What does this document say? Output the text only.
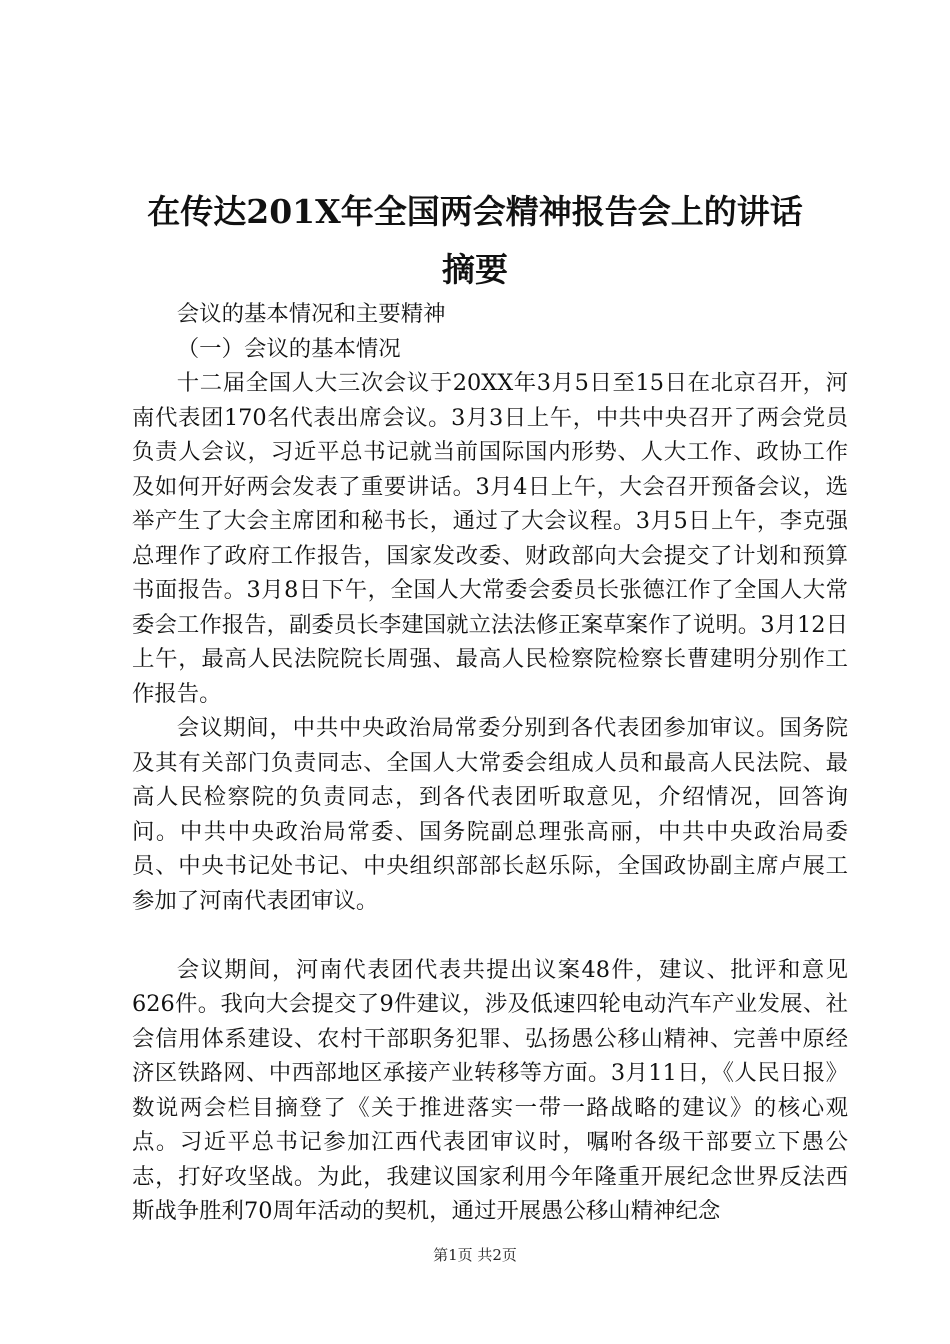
在传达201X年全国两会精神报告会上的讲话
摘要

会议的基本情况和主要精神

（一）会议的基本情况

十二届全国人大三次会议于20XX年3月5日至15日在北京召开，河南代表团170名代表出席会议。3月3日上午，中共中央召开了两会党员负责人会议，习近平总书记就当前国际国内形势、人大工作、政协工作及如何开好两会发表了重要讲话。3月4日上午，大会召开预备会议，选举产生了大会主席团和秘书长，通过了大会议程。3月5日上午，李克强总理作了政府工作报告，国家发改委、财政部向大会提交了计划和预算书面报告。3月8日下午，全国人大常委会委员长张德江作了全国人大常委会工作报告，副委员长李建国就立法法修正案草案作了说明。3月12日上午，最高人民法院院长周强、最高人民检察院检察长曹建明分别作工作报告。

会议期间，中共中央政治局常委分别到各代表团参加审议。国务院及其有关部门负责同志、全国人大常委会组成人员和最高人民法院、最高人民检察院的负责同志，到各代表团听取意见，介绍情况，回答询问。中共中央政治局常委、国务院副总理张高丽，中共中央政治局委员、中央书记处书记、中央组织部部长赵乐际，全国政协副主席卢展工参加了河南代表团审议。

会议期间，河南代表团代表共提出议案48件，建议、批评和意见626件。我向大会提交了9件建议，涉及低速四轮电动汽车产业发展、社会信用体系建设、农村干部职务犯罪、弘扬愚公移山精神、完善中原经济区铁路网、中西部地区承接产业转移等方面。3月11日，《人民日报》数说两会栏目摘登了《关于推进落实一带一路战略的建议》的核心观点。习近平总书记参加江西代表团审议时，嘱咐各级干部要立下愚公志，打好攻坚战。为此，我建议国家利用今年隆重开展纪念世界反法西斯战争胜利70周年活动的契机，通过开展愚公移山精神纪念

第1页 共2页
